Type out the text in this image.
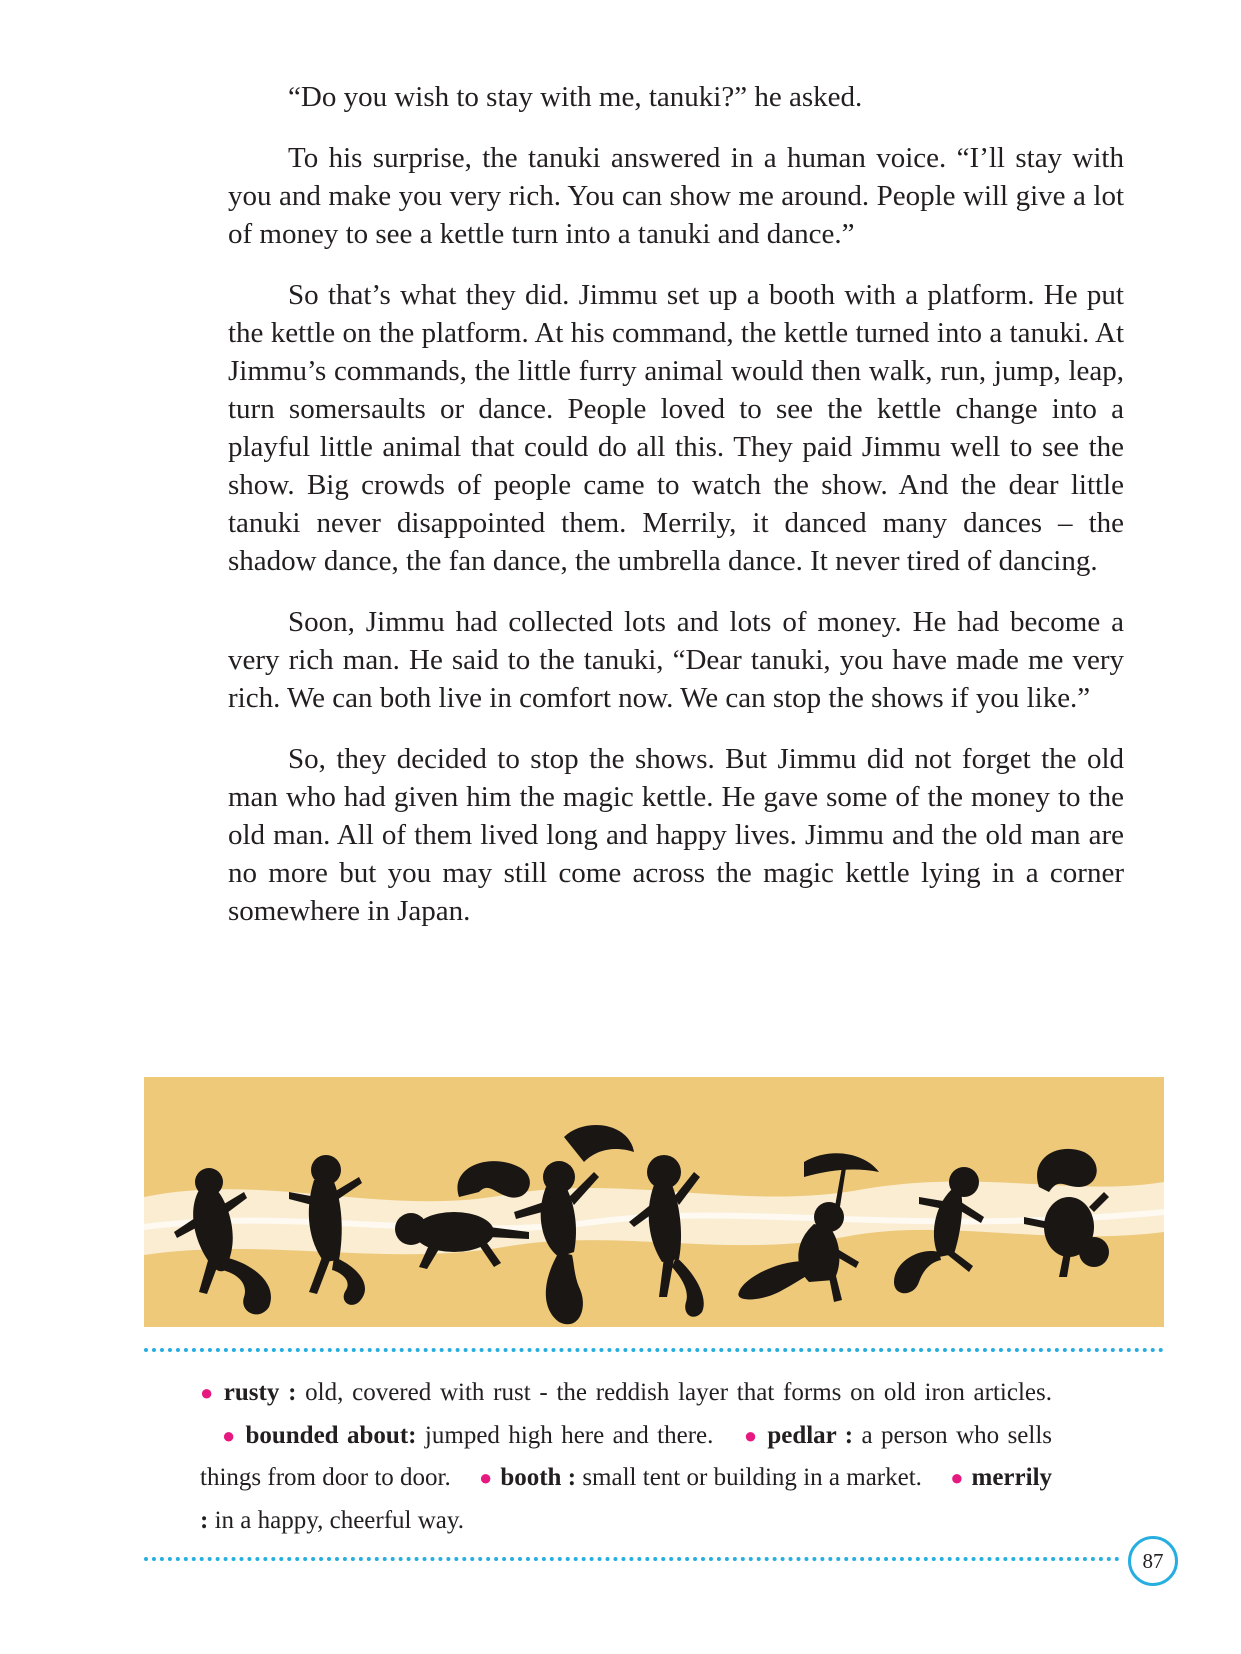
“Do you wish to stay with me, tanuki?” he asked.

To his surprise, the tanuki answered in a human voice. “I’ll stay with you and make you very rich. You can show me around. People will give a lot of money to see a kettle turn into a tanuki and dance.”

So that’s what they did. Jimmu set up a booth with a platform. He put the kettle on the platform. At his command, the kettle turned into a tanuki. At Jimmu’s commands, the little furry animal would then walk, run, jump, leap, turn somersaults or dance. People loved to see the kettle change into a playful little animal that could do all this. They paid Jimmu well to see the show. Big crowds of people came to watch the show. And the dear little tanuki never disappointed them. Merrily, it danced many dances – the shadow dance, the fan dance, the umbrella dance. It never tired of dancing.

Soon, Jimmu had collected lots and lots of money. He had become a very rich man. He said to the tanuki, “Dear tanuki, you have made me very rich. We can both live in comfort now. We can stop the shows if you like.”

So, they decided to stop the shows. But Jimmu did not forget the old man who had given him the magic kettle. He gave some of the money to the old man. All of them lived long and happy lives. Jimmu and the old man are no more but you may still come across the magic kettle lying in a corner somewhere in Japan.

● rusty : old, covered with rust - the reddish layer that forms on old iron articles. ● bounded about: jumped high here and there. ● pedlar : a person who sells things from door to door. ● booth : small tent or building in a market. ● merrily : in a happy, cheerful way.
87
